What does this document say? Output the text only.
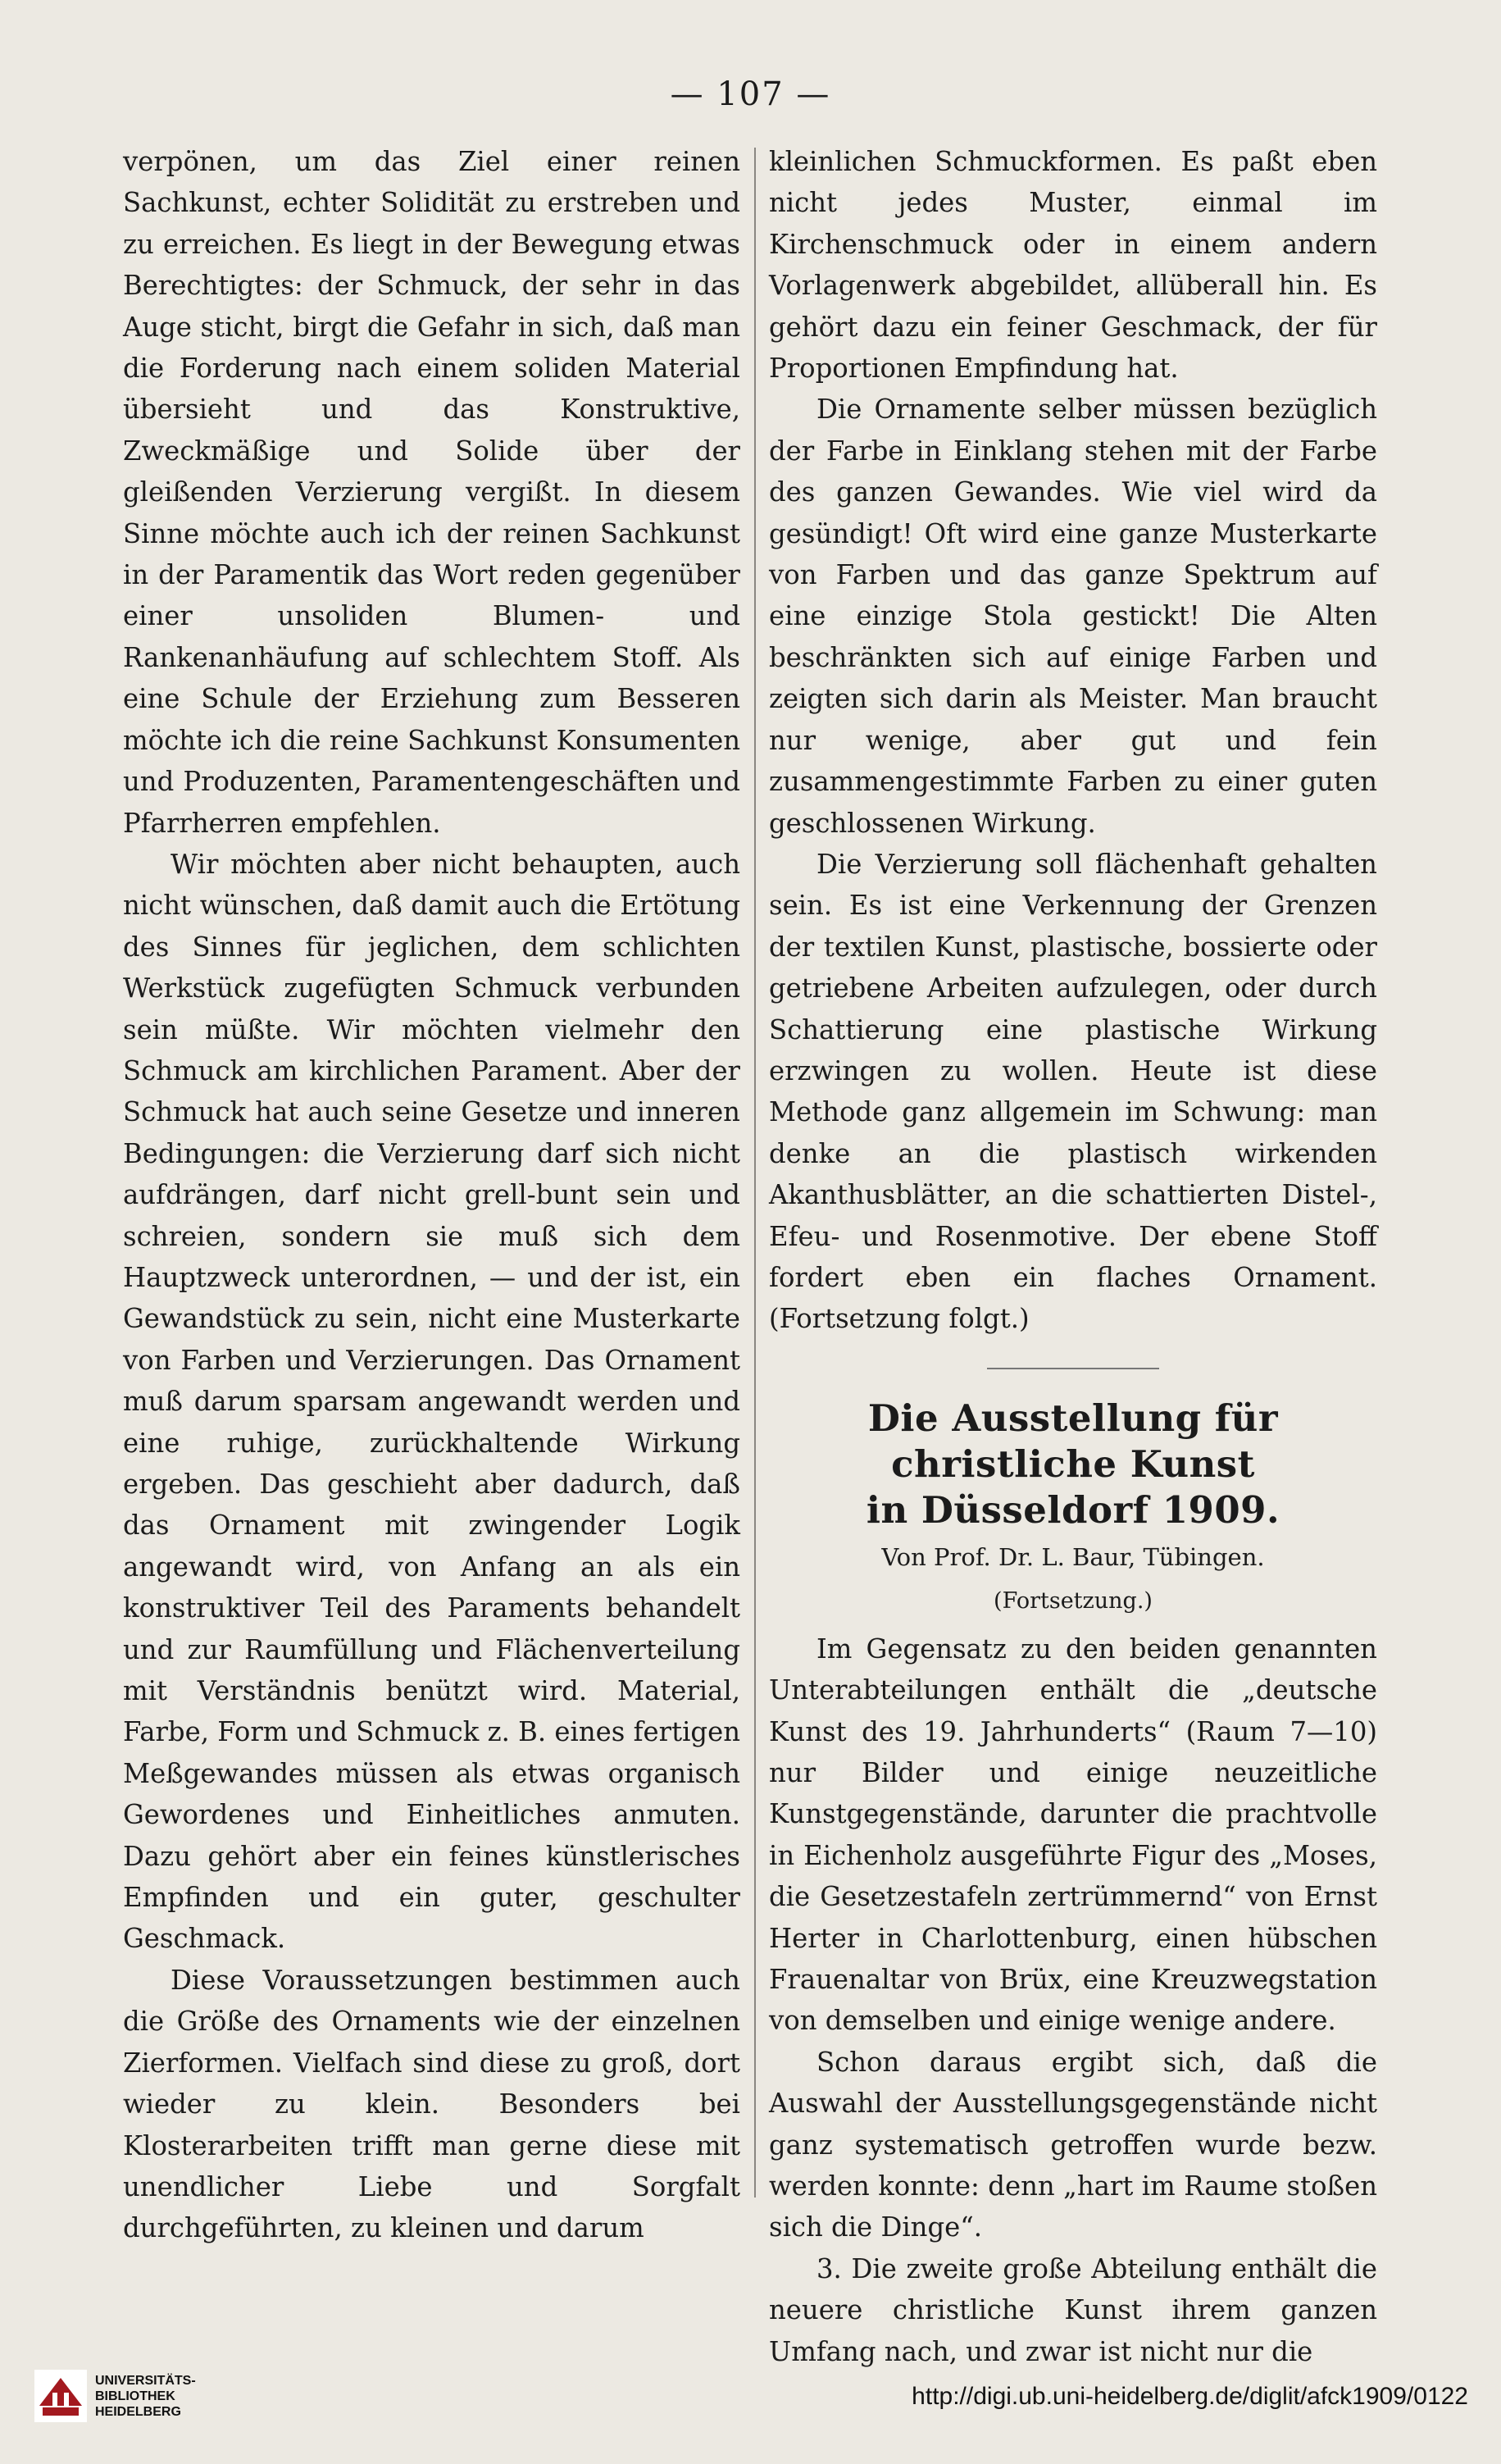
— 107 —

verpönen, um das Ziel einer reinen Sachkunst, echter Solidität zu erstreben und zu erreichen. Es liegt in der Bewegung etwas Berechtigtes: der Schmuck, der sehr in das Auge sticht, birgt die Gefahr in sich, daß man die Forderung nach einem soliden Material übersieht und das Konstruktive, Zweckmäßige und Solide über der gleißenden Verzierung vergißt. In diesem Sinne möchte auch ich der reinen Sachkunst in der Paramentik das Wort reden gegenüber einer unsoliden Blumen- und Rankenanhäufung auf schlechtem Stoff. Als eine Schule der Erziehung zum Besseren möchte ich die reine Sachkunst Konsumenten und Produzenten, Paramentengeschäften und Pfarrherren empfehlen.

Wir möchten aber nicht behaupten, auch nicht wünschen, daß damit auch die Ertötung des Sinnes für jeglichen, dem schlichten Werkstück zugefügten Schmuck verbunden sein müßte. Wir möchten vielmehr den Schmuck am kirchlichen Parament. Aber der Schmuck hat auch seine Gesetze und inneren Bedingungen: die Verzierung darf sich nicht aufdrängen, darf nicht grell-bunt sein und schreien, sondern sie muß sich dem Hauptzweck unterordnen, — und der ist, ein Gewandstück zu sein, nicht eine Musterkarte von Farben und Verzierungen. Das Ornament muß darum sparsam angewandt werden und eine ruhige, zurückhaltende Wirkung ergeben. Das geschieht aber dadurch, daß das Ornament mit zwingender Logik angewandt wird, von Anfang an als ein konstruktiver Teil des Paraments behandelt und zur Raumfüllung und Flächenverteilung mit Verständnis benützt wird. Material, Farbe, Form und Schmuck z. B. eines fertigen Meßgewandes müssen als etwas organisch Gewordenes und Einheitliches anmuten. Dazu gehört aber ein feines künstlerisches Empfinden und ein guter, geschulter Geschmack.

Diese Voraussetzungen bestimmen auch die Größe des Ornaments wie der einzelnen Zierformen. Vielfach sind diese zu groß, dort wieder zu klein. Besonders bei Klosterarbeiten trifft man gerne diese mit unendlicher Liebe und Sorgfalt durchgeführten, zu kleinen und darum

kleinlichen Schmuckformen. Es paßt eben nicht jedes Muster, einmal im Kirchenschmuck oder in einem andern Vorlagenwerk abgebildet, allüberall hin. Es gehört dazu ein feiner Geschmack, der für Proportionen Empfindung hat.

Die Ornamente selber müssen bezüglich der Farbe in Einklang stehen mit der Farbe des ganzen Gewandes. Wie viel wird da gesündigt! Oft wird eine ganze Musterkarte von Farben und das ganze Spektrum auf eine einzige Stola gestickt! Die Alten beschränkten sich auf einige Farben und zeigten sich darin als Meister. Man braucht nur wenige, aber gut und fein zusammengestimmte Farben zu einer guten geschlossenen Wirkung.

Die Verzierung soll flächenhaft gehalten sein. Es ist eine Verkennung der Grenzen der textilen Kunst, plastische, bossierte oder getriebene Arbeiten aufzulegen, oder durch Schattierung eine plastische Wirkung erzwingen zu wollen. Heute ist diese Methode ganz allgemein im Schwung: man denke an die plastisch wirkenden Akanthusblätter, an die schattierten Distel-, Efeu- und Rosenmotive. Der ebene Stoff fordert eben ein flaches Ornament. (Fortsetzung folgt.)

Die Ausstellung für christliche Kunst
in Düsseldorf 1909.
Von Prof. Dr. L. Baur, Tübingen.
(Fortsetzung.)

Im Gegensatz zu den beiden genannten Unterabteilungen enthält die „deutsche Kunst des 19. Jahrhunderts“ (Raum 7—10) nur Bilder und einige neuzeitliche Kunstgegenstände, darunter die prachtvolle in Eichenholz ausgeführte Figur des „Moses, die Gesetzestafeln zertrümmernd“ von Ernst Herter in Charlottenburg, einen hübschen Frauenaltar von Brüx, eine Kreuzwegstation von demselben und einige wenige andere.

Schon daraus ergibt sich, daß die Auswahl der Ausstellungsgegenstände nicht ganz systematisch getroffen wurde bezw. werden konnte: denn „hart im Raume stoßen sich die Dinge“.

3. Die zweite große Abteilung enthält die neuere christliche Kunst ihrem ganzen Umfang nach, und zwar ist nicht nur die

UNIVERSITÄTS-
BIBLIOTHEK
HEIDELBERG
http://digi.ub.uni-heidelberg.de/diglit/afck1909/0122
